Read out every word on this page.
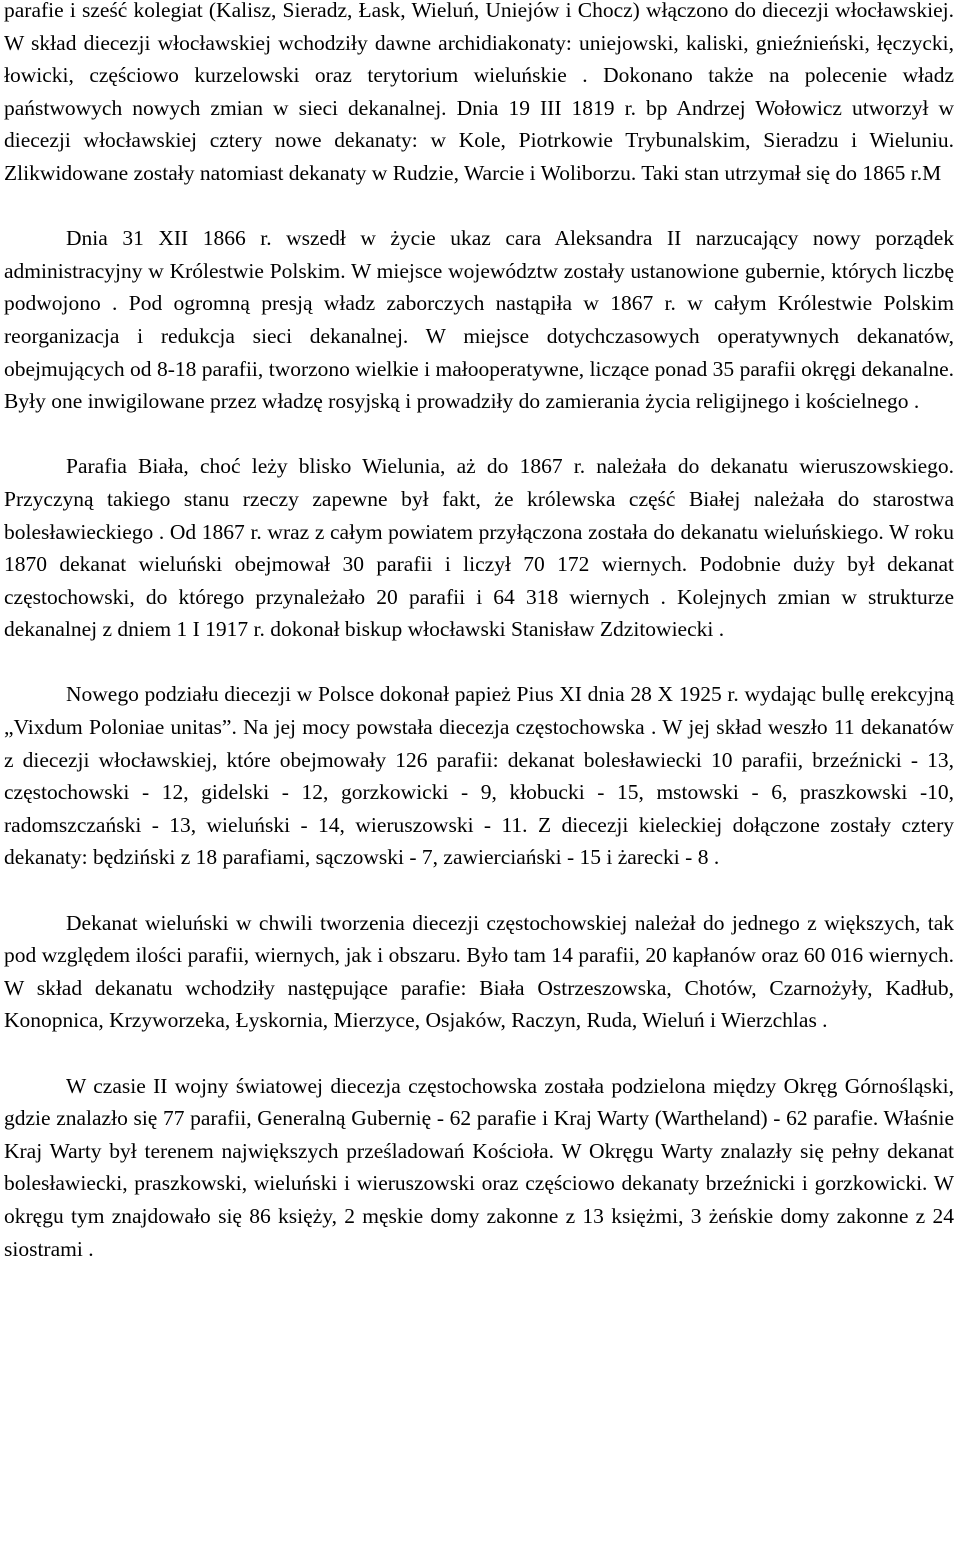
parafie i sześć kolegiat (Kalisz, Sieradz, Łask, Wieluń, Uniejów i Chocz) włączono do diecezji włocławskiej. W skład diecezji włocławskiej wchodziły dawne archidiakonaty: uniejowski, kaliski, gnieźnieński, łęczycki, łowicki, częściowo kurzelowski oraz terytorium wieluńskie . Dokonano także na polecenie władz państwowych nowych zmian w sieci dekanalnej. Dnia 19 III 1819 r. bp Andrzej Wołowicz utworzył w diecezji włocławskiej cztery nowe dekanaty: w Kole, Piotrkowie Trybunalskim, Sieradzu i Wieluniu. Zlikwidowane zostały natomiast dekanaty w Rudzie, Warcie i Woliborzu. Taki stan utrzymał się do 1865 r.M

Dnia 31 XII 1866 r. wszedł w życie ukaz cara Aleksandra II narzucający nowy porządek administracyjny w Królestwie Polskim. W miejsce województw zostały ustanowione gubernie, których liczbę podwojono . Pod ogromną presją władz zaborczych nastąpiła w 1867 r. w całym Królestwie Polskim reorganizacja i redukcja sieci dekanalnej. W miejsce dotychczasowych operatywnych dekanatów, obejmujących od 8-18 parafii, tworzono wielkie i małooperatywne, liczące ponad 35 parafii okręgi dekanalne. Były one inwigilowane przez władzę rosyjską i prowadziły do zamierania życia religijnego i kościelnego .

Parafia Biała, choć leży blisko Wielunia, aż do 1867 r. należała do dekanatu wieruszowskiego. Przyczyną takiego stanu rzeczy zapewne był fakt, że królewska część Białej należała do starostwa bolesławieckiego . Od 1867 r. wraz z całym powiatem przyłączona została do dekanatu wieluńskiego. W roku 1870 dekanat wieluński obejmował 30 parafii i liczył 70 172 wiernych. Podobnie duży był dekanat częstochowski, do którego przynależało 20 parafii i 64 318 wiernych . Kolejnych zmian w strukturze dekanalnej z dniem 1 I 1917 r. dokonał biskup włocławski Stanisław Zdzitowiecki .

Nowego podziału diecezji w Polsce dokonał papież Pius XI dnia 28 X 1925 r. wydając bullę erekcyjną „Vixdum Poloniae unitas”. Na jej mocy powstała diecezja częstochowska . W jej skład weszło 11 dekanatów z diecezji włocławskiej, które obejmowały 126 parafii: dekanat bolesławiecki 10 parafii, brzeźnicki - 13, częstochowski - 12, gidelski - 12, gorzkowicki - 9, kłobucki - 15, mstowski - 6, praszkowski -10, radomszczański - 13, wieluński - 14, wieruszowski - 11. Z diecezji kieleckiej dołączone zostały cztery dekanaty: będziński z 18 parafiami, sączowski - 7, zawierciański - 15 i żarecki - 8 .

Dekanat wieluński w chwili tworzenia diecezji częstochowskiej należał do jednego z większych, tak pod względem ilości parafii, wiernych, jak i obszaru. Było tam 14 parafii, 20 kapłanów oraz 60 016 wiernych. W skład dekanatu wchodziły następujące parafie: Biała Ostrzeszowska, Chotów, Czarnożyły, Kadłub, Konopnica, Krzyworzeka, Łyskornia, Mierzyce, Osjaków, Raczyn, Ruda, Wieluń i Wierzchlas .

W czasie II wojny światowej diecezja częstochowska została podzielona między Okręg Górnośląski, gdzie znalazło się 77 parafii, Generalną Gubernię - 62 parafie i Kraj Warty (Wartheland) - 62 parafie. Właśnie Kraj Warty był terenem największych prześladowań Kościoła. W Okręgu Warty znalazły się pełny dekanat bolesławiecki, praszkowski, wieluński i wieruszowski oraz częściowo dekanaty brzeźnicki i gorzkowicki. W okręgu tym znajdowało się 86 księży, 2 męskie domy zakonne z 13 księżmi, 3 żeńskie domy zakonne z 24 siostrami .
